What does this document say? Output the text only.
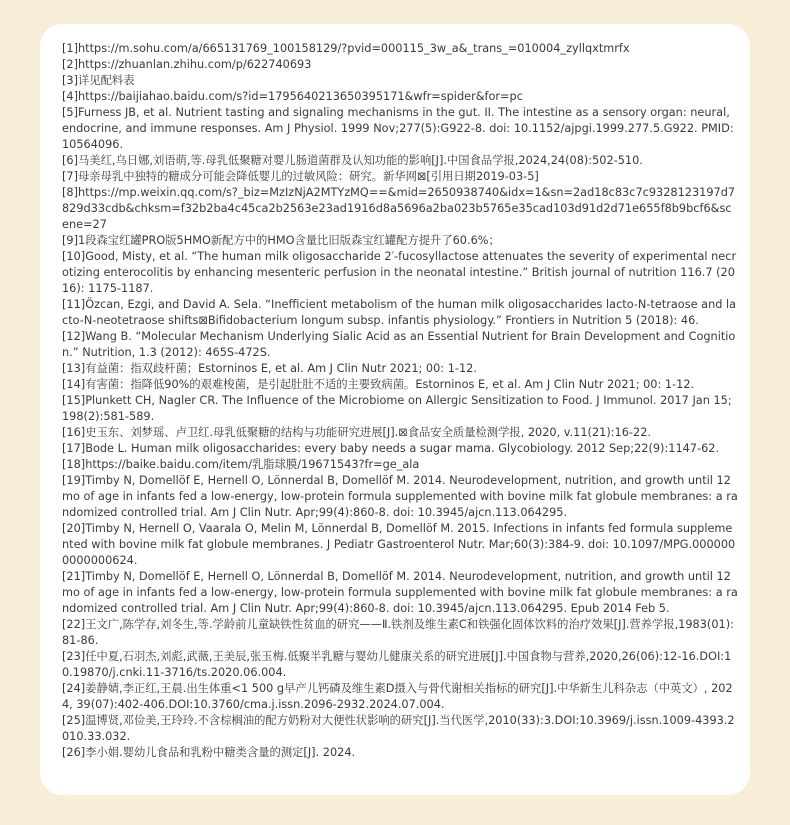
[1]https://m.sohu.com/a/665131769_100158129/?pvid=000115_3w_a&_trans_=010004_zyllqxtmrfx
[2]https://zhuanlan.zhihu.com/p/622740693
[3]详见配料表
[4]https://baijiahao.baidu.com/s?id=1795640213650395171&wfr=spider&for=pc
[5]Furness JB, et al. Nutrient tasting and signaling mechanisms in the gut. II. The intestine as a sensory organ: neural, endocrine, and immune responses. Am J Physiol. 1999 Nov;277(5):G922-8. doi: 10.1152/ajpgi.1999.277.5.G922. PMID: 10564096.
[6]马美红,乌日娜,刘语萌,等.母乳低聚糖对婴儿肠道菌群及认知功能的影响[J].中国食品学报,2024,24(08):502-510.
[7]母亲母乳中独特的糖成分可能会降低婴儿的过敏风险：研究。新华网⊠[引用日期2019-03-5]
[8]https://mp.weixin.qq.com/s?_biz=MzIzNjA2MTYzMQ==&mid=2650938740&idx=1&sn=2ad18c83c7c9328123197d7829d33cdb&chksm=f32b2ba4c45ca2b2563e23ad1916d8a5696a2ba023b5765e35cad103d91d2d71e655f8b9bcf6&scene=27
[9]1段森宝红罐PRO版5HMO新配方中的HMO含量比旧版森宝红罐配方提升了60.6%；
[10]Good, Misty, et al. “The human milk oligosaccharide 2′-fucosyllactose attenuates the severity of experimental necrotizing enterocolitis by enhancing mesenteric perfusion in the neonatal intestine.” British journal of nutrition 116.7 (2016): 1175-1187.
[11]Özcan, Ezgi, and David A. Sela. “Inefficient metabolism of the human milk oligosaccharides lacto-N-tetraose and lacto-N-neotetraose shifts⊠Bifidobacterium longum subsp. infantis physiology.” Frontiers in Nutrition 5 (2018): 46.
[12]Wang B. “Molecular Mechanism Underlying Sialic Acid as an Essential Nutrient for Brain Development and Cognition.” Nutrition, 1.3 (2012): 465S-472S.
[13]有益菌：指双歧杆菌；Estorninos E, et al. Am J Clin Nutr 2021; 00: 1-12.
[14]有害菌：指降低90%的艰难梭菌，是引起肚肚不适的主要致病菌。Estorninos E, et al. Am J Clin Nutr 2021; 00: 1-12.
[15]Plunkett CH, Nagler CR. The Influence of the Microbiome on Allergic Sensitization to Food. J Immunol. 2017 Jan 15;198(2):581-589.
[16]史玉东、刘梦瑶、卢卫红.母乳低聚糖的结构与功能研究进展[J].⊠食品安全质量检测学报, 2020, v.11(21):16-22.
[17]Bode L. Human milk oligosaccharides: every baby needs a sugar mama. Glycobiology. 2012 Sep;22(9):1147-62.
[18]https://baike.baidu.com/item/乳脂球膜/19671543?fr=ge_ala
[19]Timby N, Domellöf E, Hernell O, Lönnerdal B, Domellöf M. 2014. Neurodevelopment, nutrition, and growth until 12 mo of age in infants fed a low-energy, low-protein formula supplemented with bovine milk fat globule membranes: a randomized controlled trial. Am J Clin Nutr. Apr;99(4):860-8. doi: 10.3945/ajcn.113.064295.
[20]Timby N, Hernell O, Vaarala O, Melin M, Lönnerdal B, Domellöf M. 2015. Infections in infants fed formula supplemented with bovine milk fat globule membranes. J Pediatr Gastroenterol Nutr. Mar;60(3):384-9. doi: 10.1097/MPG.0000000000000624.
[21]Timby N, Domellöf E, Hernell O, Lönnerdal B, Domellöf M. 2014. Neurodevelopment, nutrition, and growth until 12 mo of age in infants fed a low-energy, low-protein formula supplemented with bovine milk fat globule membranes: a randomized controlled trial. Am J Clin Nutr. Apr;99(4):860-8. doi: 10.3945/ajcn.113.064295. Epub 2014 Feb 5.
[22]王文广,陈学存,刘冬生,等.学龄前儿童缺铁性贫血的研究——Ⅱ.铁剂及维生素C和铁强化固体饮料的治疗效果[J].营养学报,1983(01):81-86.
[23]任中夏,石羽杰,刘彪,武薇,王美辰,张玉梅.低聚半乳糖与婴幼儿健康关系的研究进展[J].中国食物与营养,2020,26(06):12-16.DOI:10.19870/j.cnki.11-3716/ts.2020.06.004.
[24]姜静婧,李正红,王晨.出生体重<1 500 g早产儿钙磷及维生素D摄入与骨代谢相关指标的研究[J].中华新生儿科杂志（中英文）, 2024, 39(07):402-406.DOI:10.3760/cma.j.issn.2096-2932.2024.07.004.
[25]温博贤,邓俭美,王玲玲.不含棕榈油的配方奶粉对大便性状影响的研究[J].当代医学,2010(33):3.DOI:10.3969/j.issn.1009-4393.2010.33.032.
[26]李小娟.婴幼儿食品和乳粉中糖类含量的测定[J]. 2024.
